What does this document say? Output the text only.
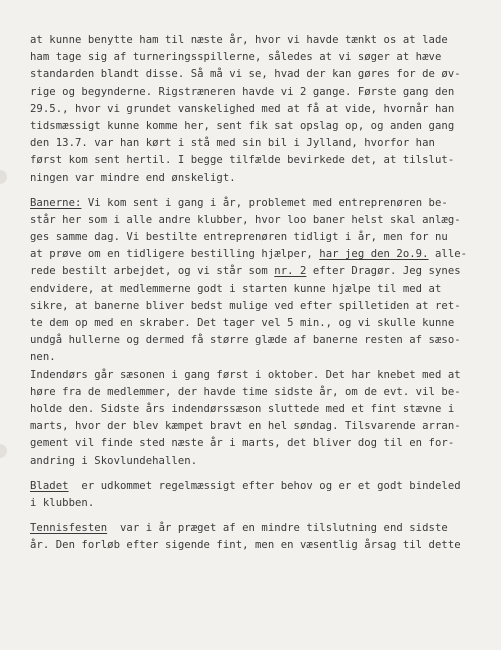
at kunne benytte ham til næste år, hvor vi havde tænkt os at lade
ham tage sig af turneringsspillerne, således at vi søger at hæve
standarden blandt disse. Så må vi se, hvad der kan gøres for de øv-
rige og begynderne. Rigstræneren havde vi 2 gange. Første gang den
29.5., hvor vi grundet vanskelighed med at få at vide, hvornår han
tidsmæssigt kunne komme her, sent fik sat opslag op, og anden gang
den 13.7. var han kørt i stå med sin bil i Jylland, hvorfor han
først kom sent hertil. I begge tilfælde bevirkede det, at tilslut-
ningen var mindre end ønskeligt.
Banerne: Vi kom sent i gang i år, problemet med entreprenøren be-
står her som i alle andre klubber, hvor loo baner helst skal anlæg-
ges samme dag. Vi bestilte entreprenøren tidligt i år, men for nu
at prøve om en tidligere bestilling hjælper, har jeg den 2o.9. alle-
rede bestilt arbejdet, og vi står som nr. 2 efter Dragør. Jeg synes
endvidere, at medlemmerne godt i starten kunne hjælpe til med at
sikre, at banerne bliver bedst mulige ved efter spilletiden at ret-
te dem op med en skraber. Det tager vel 5 min., og vi skulle kunne
undgå hullerne og dermed få større glæde af banerne resten af sæso-
nen.
Indendørs går sæsonen i gang først i oktober. Det har knebet med at
høre fra de medlemmer, der havde time sidste år, om de evt. vil be-
holde den. Sidste års indendørssæson sluttede med et fint stævne i
marts, hvor der blev kæmpet bravt en hel søndag. Tilsvarende arran-
gement vil finde sted næste år i marts, det bliver dog til en for-
andring i Skovlundehallen.
Bladet  er udkommet regelmæssigt efter behov og er et godt bindeled
i klubben.
Tennisfesten  var i år præget af en mindre tilslutning end sidste
år. Den forløb efter sigende fint, men en væsentlig årsag til dette
